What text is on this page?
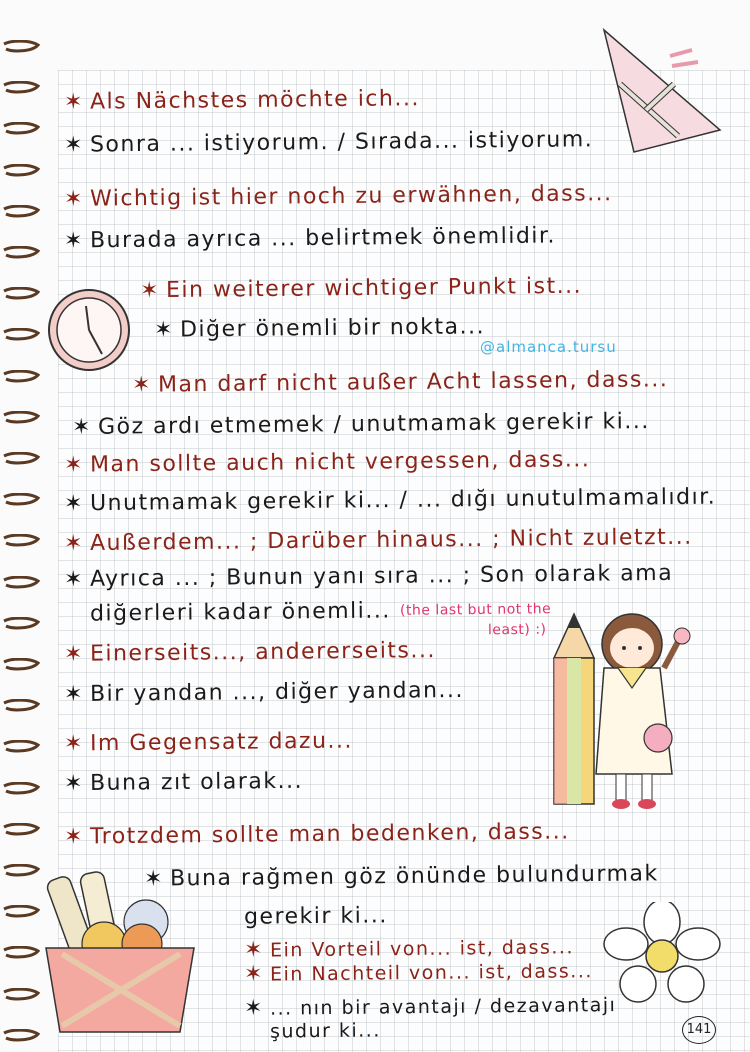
✶ Als Nächstes möchte ich...
✶ Sonra ... istiyorum. / Sırada... istiyorum.
✶ Wichtig ist hier noch zu erwähnen, dass...
✶ Burada ayrıca ... belirtmek önemlidir.
✶ Ein weiterer wichtiger Punkt ist...
✶ Diğer önemli bir nokta...
@almanca.tursu
✶ Man darf nicht außer Acht lassen, dass...
✶ Göz ardı etmemek / unutmamak gerekir ki...
✶ Man sollte auch nicht vergessen, dass...
✶ Unutmamak gerekir ki... / ... dığı unutulmamalıdır.
✶ Außerdem... ; Darüber hinaus... ; Nicht zuletzt...
✶ Ayrıca ... ; Bunun yanı sıra ... ; Son olarak ama
diğerleri kadar önemli... (the last but not the
least) :)
✶ Einerseits..., andererseits...
✶ Bir yandan ..., diğer yandan...
✶ Im Gegensatz dazu...
✶ Buna zıt olarak...
✶ Trotzdem sollte man bedenken, dass...
✶ Buna rağmen göz önünde bulundurmak
gerekir ki...
✶ Ein Vorteil von... ist, dass...
✶ Ein Nachteil von... ist, dass...
✶ ... nın bir avantajı / dezavantajı
şudur ki...	141
